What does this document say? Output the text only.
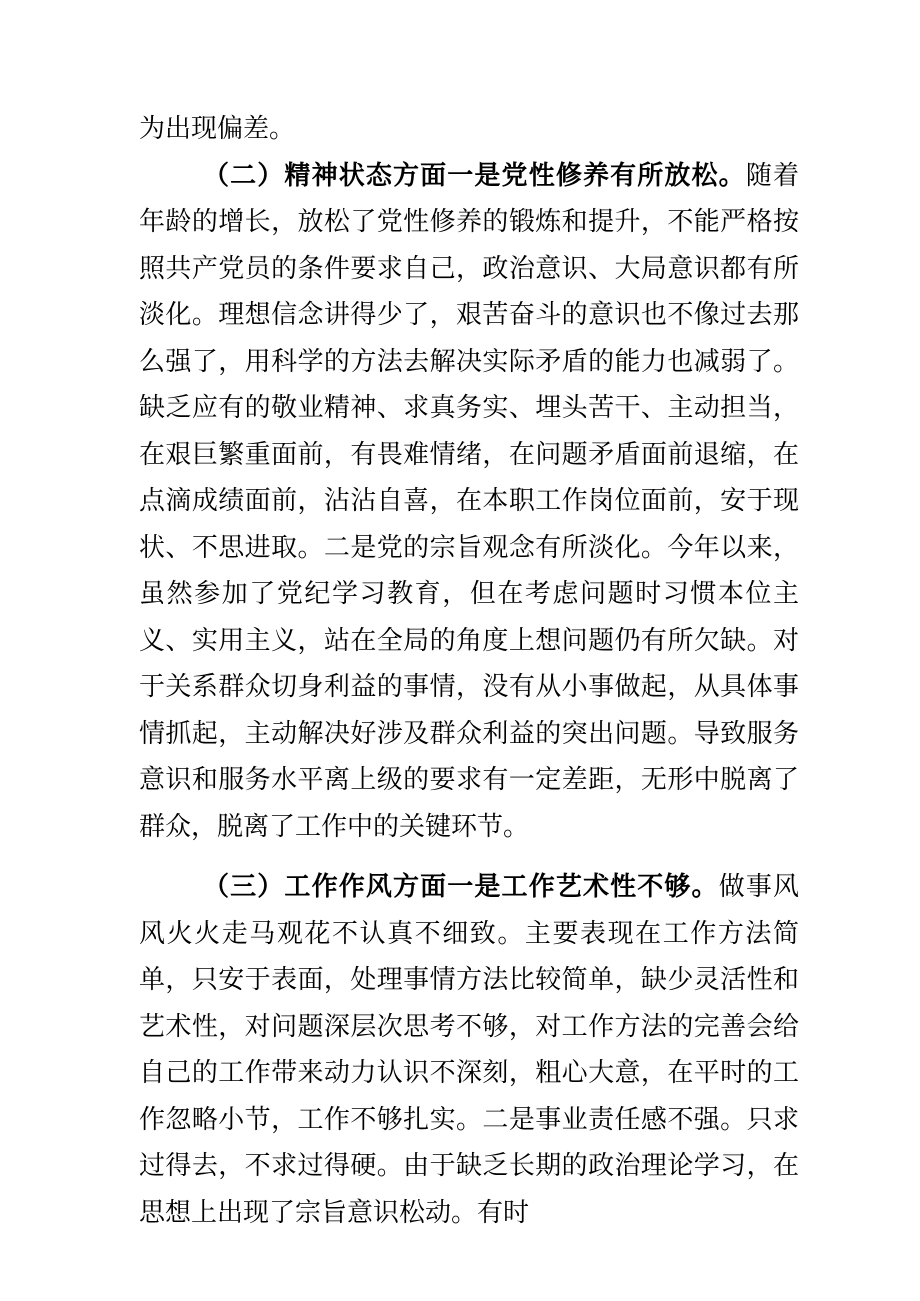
为出现偏差。

（二）精神状态方面一是党性修养有所放松。随着年龄的增长，放松了党性修养的锻炼和提升，不能严格按照共产党员的条件要求自己，政治意识、大局意识都有所淡化。理想信念讲得少了，艰苦奋斗的意识也不像过去那么强了，用科学的方法去解决实际矛盾的能力也减弱了。缺乏应有的敬业精神、求真务实、埋头苦干、主动担当，在艰巨繁重面前，有畏难情绪，在问题矛盾面前退缩，在点滴成绩面前，沾沾自喜，在本职工作岗位面前，安于现状、不思进取。二是党的宗旨观念有所淡化。今年以来，虽然参加了党纪学习教育，但在考虑问题时习惯本位主义、实用主义，站在全局的角度上想问题仍有所欠缺。对于关系群众切身利益的事情，没有从小事做起，从具体事情抓起，主动解决好涉及群众利益的突出问题。导致服务意识和服务水平离上级的要求有一定差距，无形中脱离了群众，脱离了工作中的关键环节。

（三）工作作风方面一是工作艺术性不够。做事风风火火走马观花不认真不细致。主要表现在工作方法简单，只安于表面，处理事情方法比较简单，缺少灵活性和艺术性，对问题深层次思考不够，对工作方法的完善会给自己的工作带来动力认识不深刻，粗心大意，在平时的工作忽略小节，工作不够扎实。二是事业责任感不强。只求过得去，不求过得硬。由于缺乏长期的政治理论学习，在思想上出现了宗旨意识松动。有时
